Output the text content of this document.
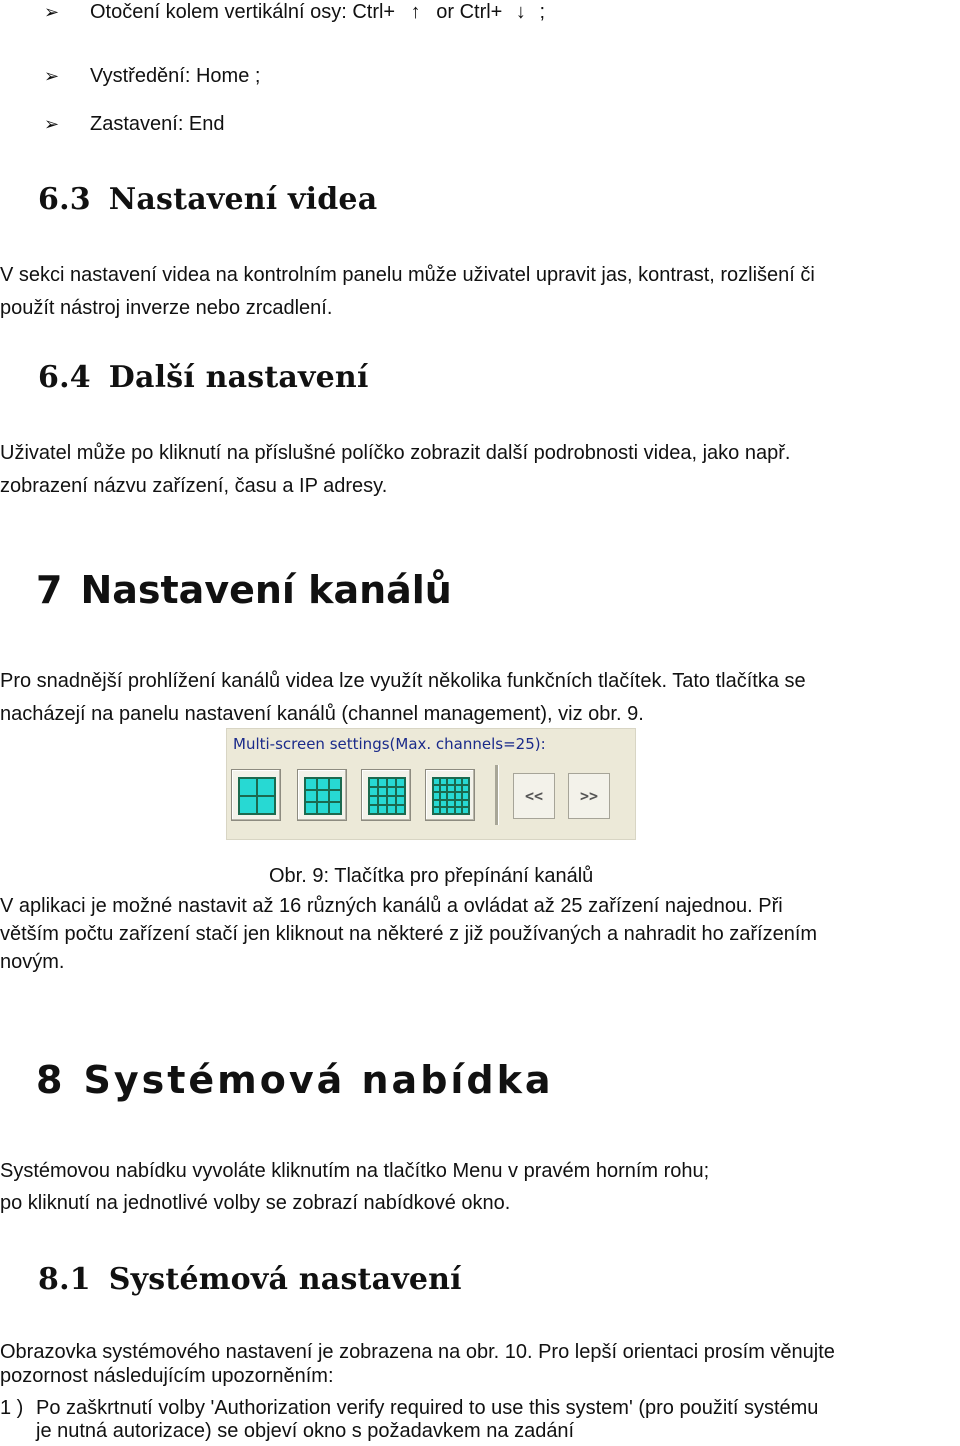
➢ Otočení kolem vertikální osy: Ctrl+ ↑ or Ctrl+ ↓ ;
➢ Vystředění: Home ;
➢ Zastavení: End
6.3 Nastavení videa
V sekci nastavení videa na kontrolním panelu může uživatel upravit jas, kontrast, rozlišení či
použít nástroj inverze nebo zrcadlení.
6.4 Další nastavení
Uživatel může po kliknutí na příslušné políčko zobrazit další podrobnosti videa, jako např.
zobrazení názvu zařízení, času a IP adresy.
7 Nastavení kanálů
Pro snadnější prohlížení kanálů videa lze využít několika funkčních tlačítek. Tato tlačítka se
nacházejí na panelu nastavení kanálů (channel management), viz obr. 9.
Multi-screen settings(Max. channels=25):
<<	>>
Obr. 9: Tlačítka pro přepínání kanálů
V aplikaci je možné nastavit až 16 různých kanálů a ovládat až 25 zařízení najednou. Při
větším počtu zařízení stačí jen kliknout na některé z již používaných a nahradit ho zařízením
novým.
8 Systémová nabídka
Systémovou nabídku vyvoláte kliknutím na tlačítko Menu v pravém horním rohu;
po kliknutí na jednotlivé volby se zobrazí nabídkové okno.
8.1 Systémová nastavení
Obrazovka systémového nastavení je zobrazena na obr. 10. Pro lepší orientaci prosím věnujte
pozornost následujícím upozorněním:
1 ) Po zaškrtnutí volby 'Authorization verify required to use this system' (pro použití systému
je nutná autorizace) se objeví okno s požadavkem na zadání
